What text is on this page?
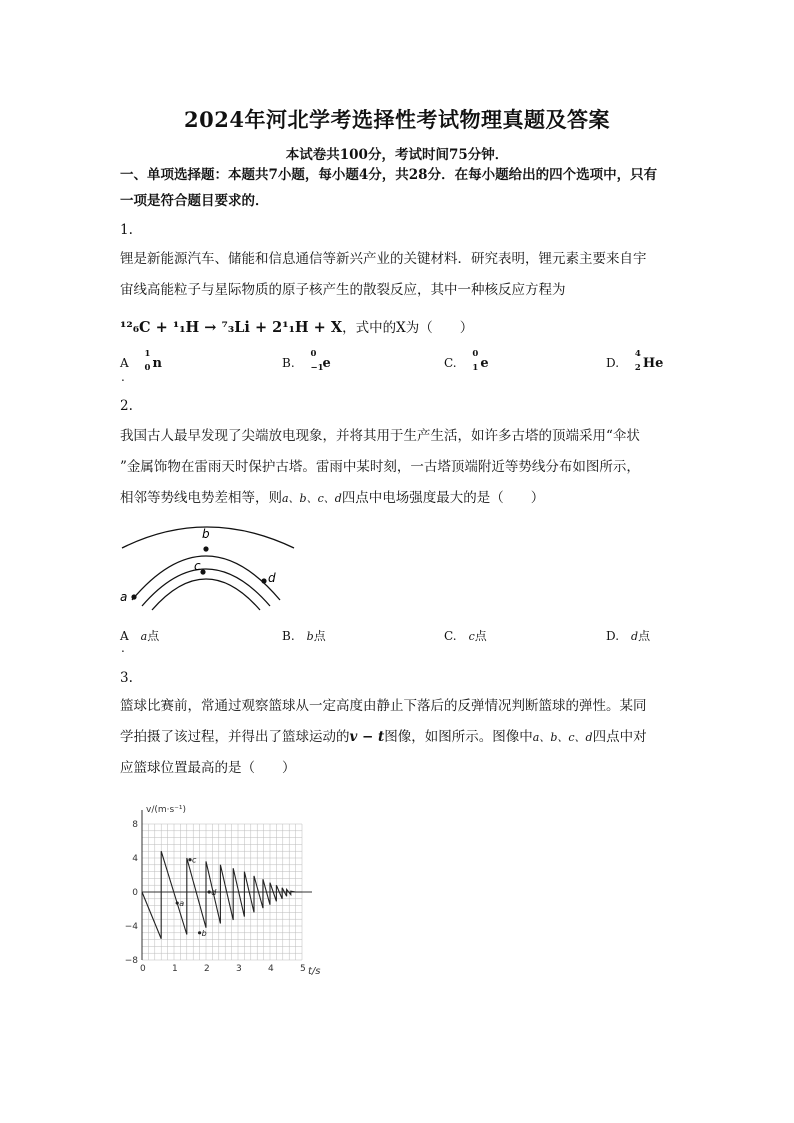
2024年河北学考选择性考试物理真题及答案
本试卷共100分，考试时间75分钟．
一、单项选择题：本题共7小题，每小题4分，共28分．在每小题给出的四个选项中，只有
一项是符合题目要求的．
1.
锂是新能源汽车、储能和信息通信等新兴产业的关键材料．研究表明，锂元素主要来自宇
宙线高能粒子与星际物质的原子核产生的散裂反应，其中一种核反应方程为
¹²₆C + ¹₁H → ⁷₃Li + 2¹₁H + X，式中的X为（　　）
A
1
0 n
.
B.
0
−1
e	C.
0
1 e	D.
4
2 He
2.
我国古人最早发现了尖端放电现象，并将其用于生产生活，如许多古塔的顶端采用“伞状
”金属饰物在雷雨天时保护古塔。雷雨中某时刻，一古塔顶端附近等势线分布如图所示，
相邻等势线电势差相等，则a、b、c、d四点中电场强度最大的是（　　）
b
c
d
a
A a点
.
B. b点	C. c点	D. d点
3.
篮球比赛前，常通过观察篮球从一定高度由静止下落后的反弹情况判断篮球的弹性。某同
学拍摄了该过程，并得出了篮球运动的v − t图像，如图所示。图像中a、b、c、d四点中对
应篮球位置最高的是（　　）
8
4
0
−4
−8
0	1	2	3	4	5
a
b
c
d
v/(m·s⁻¹)
t/s
